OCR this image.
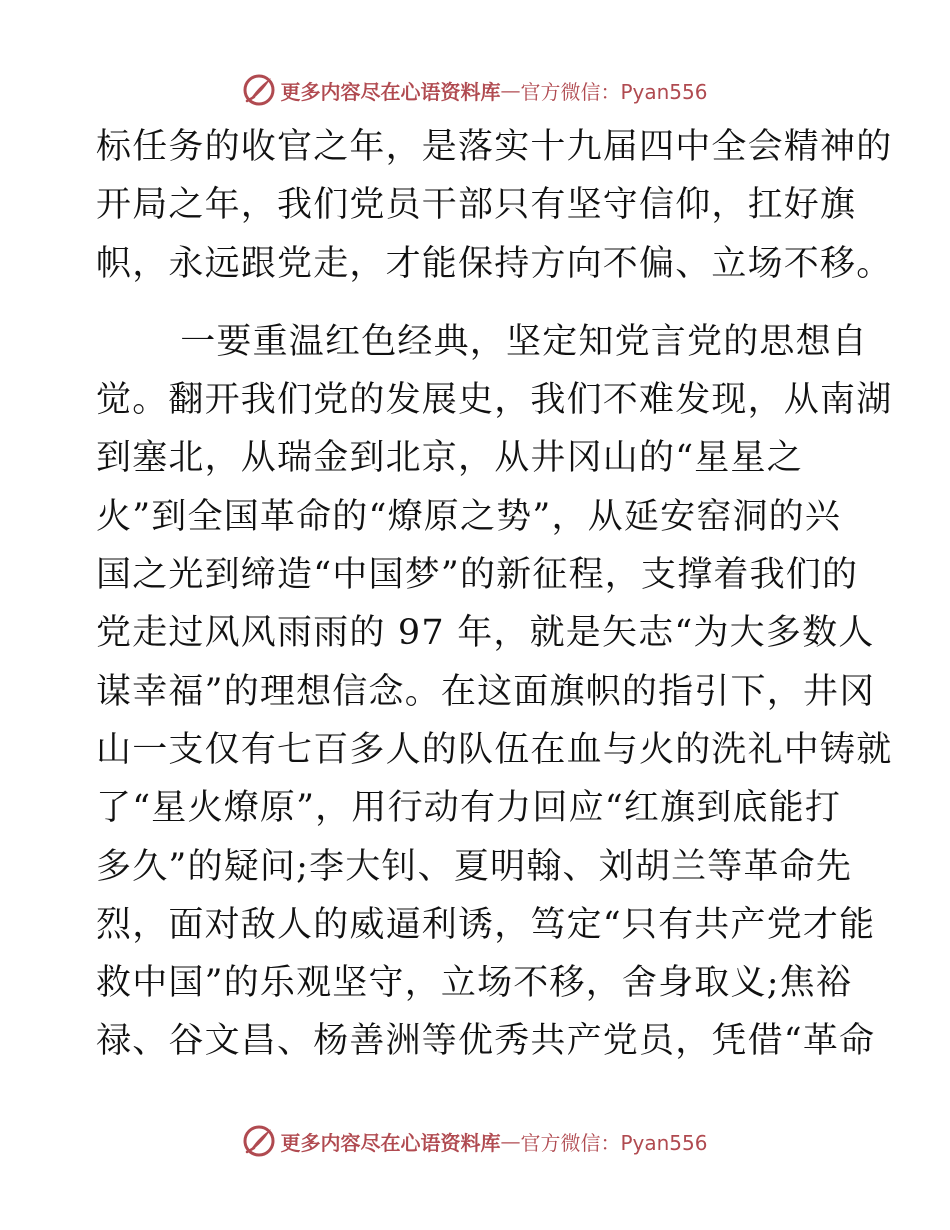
更多内容尽在心语资料库 — 官方微信：Pyan556
标任务的收官之年，是落实十九届四中全会精神的
开局之年，我们党员干部只有坚守信仰，扛好旗
帜，永远跟党走，才能保持方向不偏、立场不移。
　一要重温红色经典，坚定知党言党的思想自
觉。翻开我们党的发展史，我们不难发现，从南湖
到塞北，从瑞金到北京，从井冈山的“星星之
火”到全国革命的“燎原之势”，从延安窑洞的兴
国之光到缔造“中国梦”的新征程，支撑着我们的
党走过风风雨雨的 97 年，就是矢志“为大多数人
谋幸福”的理想信念。在这面旗帜的指引下，井冈
山一支仅有七百多人的队伍在血与火的洗礼中铸就
了“星火燎原”，用行动有力回应“红旗到底能打
多久”的疑问;李大钊、夏明翰、刘胡兰等革命先
烈，面对敌人的威逼利诱，笃定“只有共产党才能
救中国”的乐观坚守，立场不移，舍身取义;焦裕
禄、谷文昌、杨善洲等优秀共产党员，凭借“革命
更多内容尽在心语资料库 — 官方微信：Pyan556
